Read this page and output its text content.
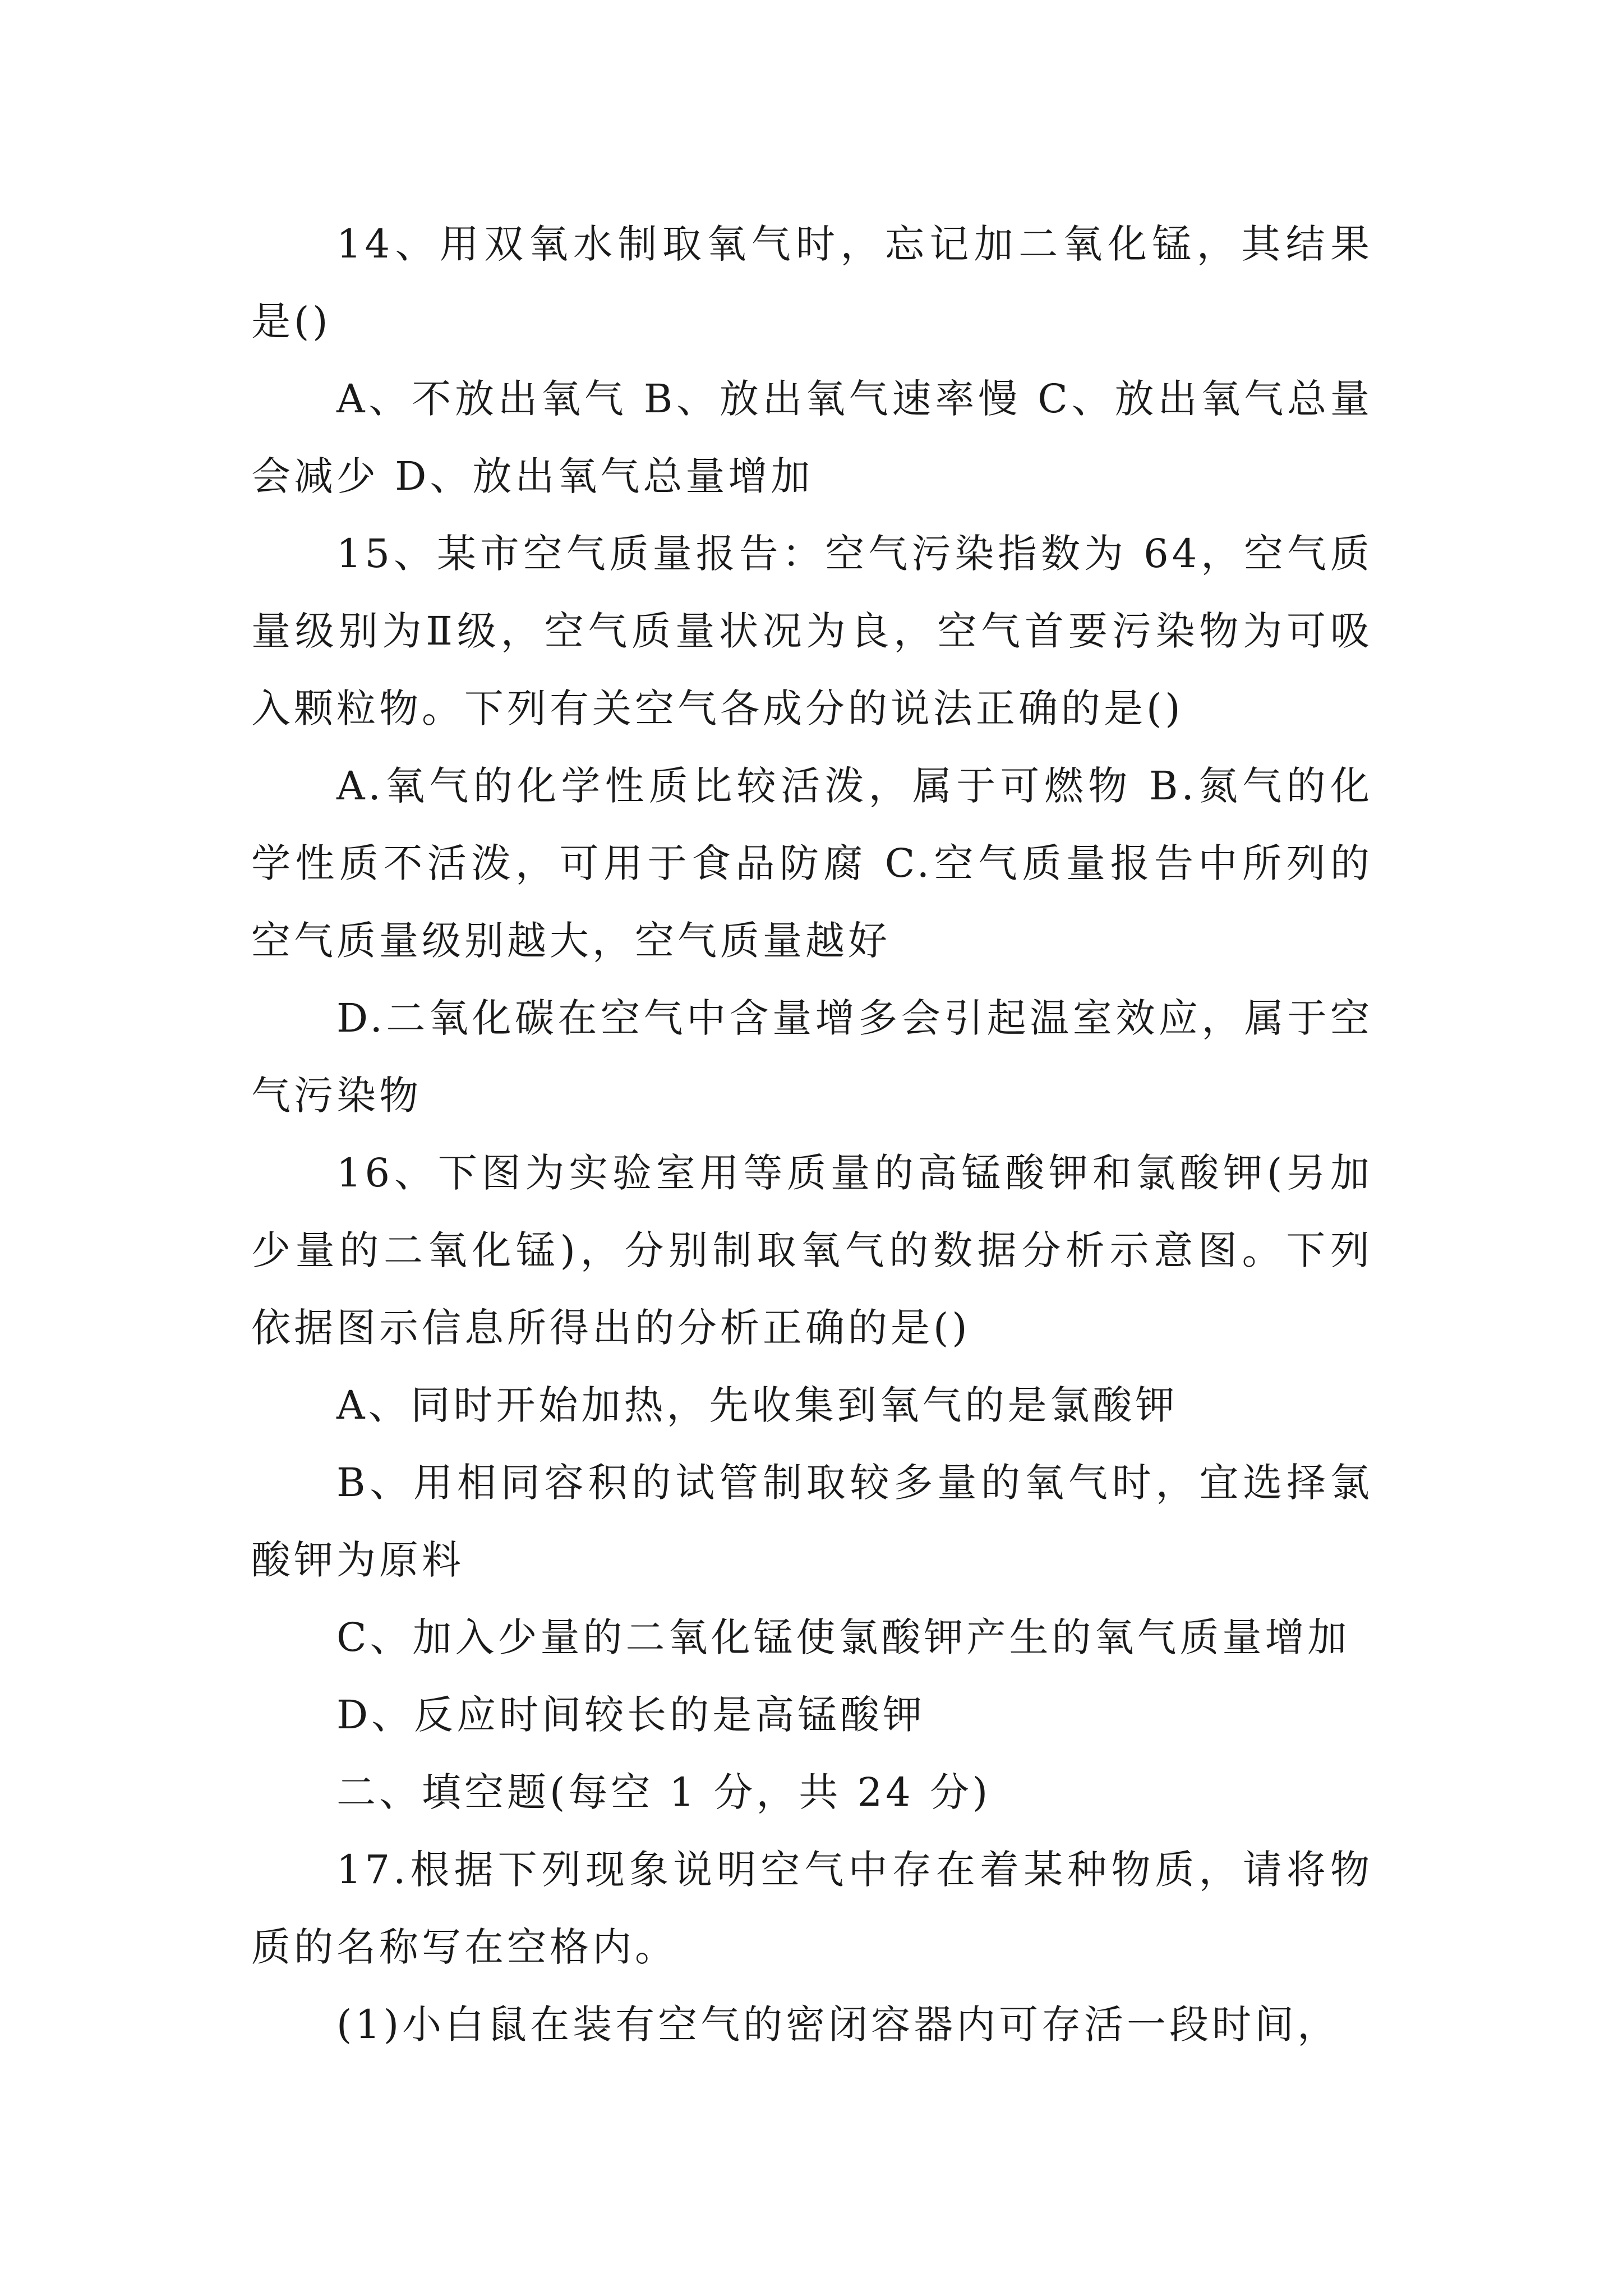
14、用双氧水制取氧气时，忘记加二氧化锰，其结果是()

A、不放出氧气 B、放出氧气速率慢 C、放出氧气总量会减少 D、放出氧气总量增加

15、某市空气质量报告：空气污染指数为 64，空气质量级别为Ⅱ级，空气质量状况为良，空气首要污染物为可吸入颗粒物。下列有关空气各成分的说法正确的是()

A.氧气的化学性质比较活泼，属于可燃物 B.氮气的化学性质不活泼，可用于食品防腐 C.空气质量报告中所列的空气质量级别越大，空气质量越好

D.二氧化碳在空气中含量增多会引起温室效应，属于空气污染物

16、下图为实验室用等质量的高锰酸钾和氯酸钾(另加少量的二氧化锰)，分别制取氧气的数据分析示意图。下列依据图示信息所得出的分析正确的是()

A、同时开始加热，先收集到氧气的是氯酸钾

B、用相同容积的试管制取较多量的氧气时，宜选择氯酸钾为原料

C、加入少量的二氧化锰使氯酸钾产生的氧气质量增加

D、反应时间较长的是高锰酸钾

二、填空题(每空 1 分，共 24 分)

17.根据下列现象说明空气中存在着某种物质，请将物质的名称写在空格内。

(1)小白鼠在装有空气的密闭容器内可存活一段时间，
